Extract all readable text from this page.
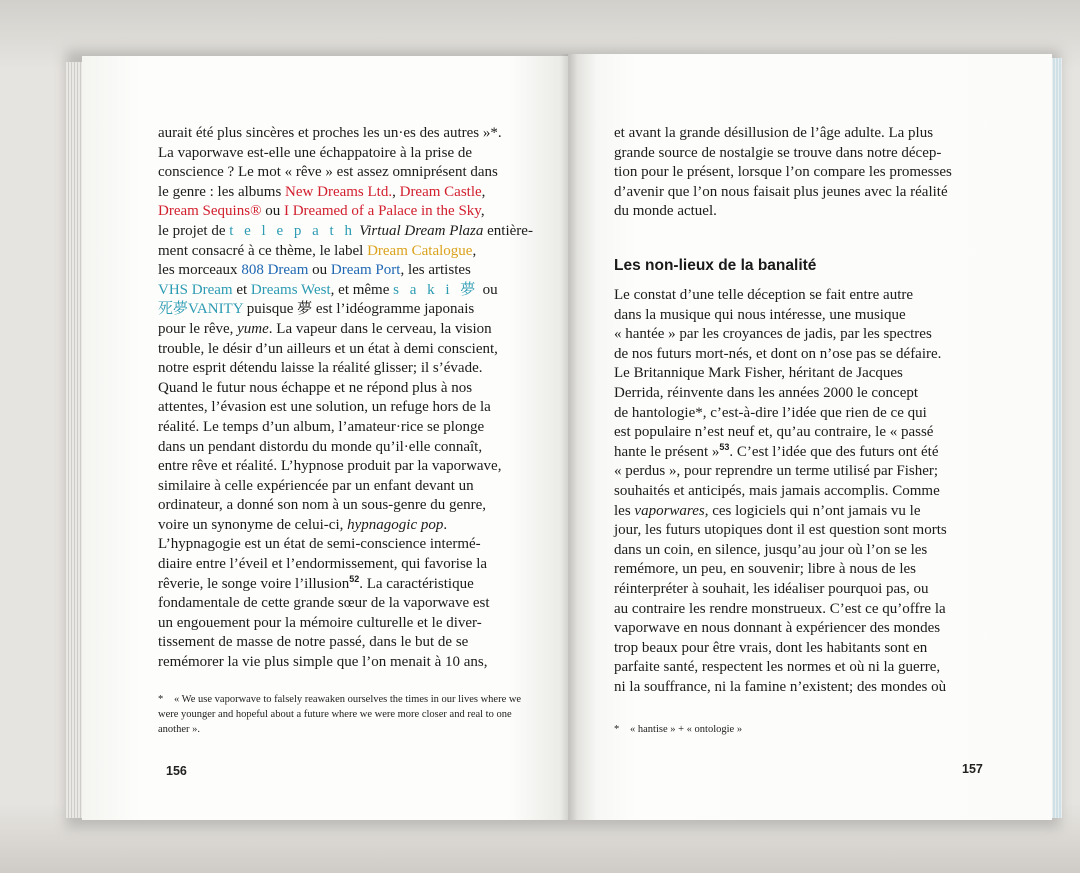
aurait été plus sincères et proches les un·es des autres »*.
La vaporwave est-elle une échappatoire à la prise de
conscience ? Le mot « rêve » est assez omniprésent dans
le genre : les albums New Dreams Ltd., Dream Castle,
Dream Sequins® ou I Dreamed of a Palace in the Sky,
le projet de t e l e p a t h Virtual Dream Plaza entière-
ment consacré à ce thème, le label Dream Catalogue,
les morceaux 808 Dream ou Dream Port, les artistes
VHS Dream et Dreams West, et même s a k i 夢 ou
死夢VANITY puisque 夢 est l’idéogramme japonais
pour le rêve, yume. La vapeur dans le cerveau, la vision
trouble, le désir d’un ailleurs et un état à demi conscient,
notre esprit détendu laisse la réalité glisser; il s’évade.
Quand le futur nous échappe et ne répond plus à nos
attentes, l’évasion est une solution, un refuge hors de la
réalité. Le temps d’un album, l’amateur·rice se plonge
dans un pendant distordu du monde qu’il·elle connaît,
entre rêve et réalité. L’hypnose produit par la vaporwave,
similaire à celle expériencée par un enfant devant un
ordinateur, a donné son nom à un sous-genre du genre,
voire un synonyme de celui-ci, hypnagogic pop.
L’hypnagogie est un état de semi-conscience intermé-
diaire entre l’éveil et l’endormissement, qui favorise la
rêverie, le songe voire l’illusion$^{52}$. La caractéristique
fondamentale de cette grande sœur de la vaporwave est
un engouement pour la mémoire culturelle et le diver-
tissement de masse de notre passé, dans le but de se
remémorer la vie plus simple que l’on menait à 10 ans,
* « We use vaporwave to falsely reawaken ourselves the times in our lives where we were younger and hopeful about a future where we were more closer and real to one another ».
156
et avant la grande désillusion de l’âge adulte. La plus
grande source de nostalgie se trouve dans notre décep-
tion pour le présent, lorsque l’on compare les promesses
d’avenir que l’on nous faisait plus jeunes avec la réalité
du monde actuel.
Les non-lieux de la banalité
Le constat d’une telle déception se fait entre autre
dans la musique qui nous intéresse, une musique
« hantée » par les croyances de jadis, par les spectres
de nos futurs mort-nés, et dont on n’ose pas se défaire.
Le Britannique Mark Fisher, héritant de Jacques
Derrida, réinvente dans les années 2000 le concept
de hantologie*, c’est-à-dire l’idée que rien de ce qui
est populaire n’est neuf et, qu’au contraire, le « passé
hante le présent »$^{53}$. C’est l’idée que des futurs ont été
« perdus », pour reprendre un terme utilisé par Fisher;
souhaités et anticipés, mais jamais accomplis. Comme
les vaporwares, ces logiciels qui n’ont jamais vu le
jour, les futurs utopiques dont il est question sont morts
dans un coin, en silence, jusqu’au jour où l’on se les
remémore, un peu, en souvenir; libre à nous de les
réinterpréter à souhait, les idéaliser pourquoi pas, ou
au contraire les rendre monstrueux. C’est ce qu’offre la
vaporwave en nous donnant à expériencer des mondes
trop beaux pour être vrais, dont les habitants sont en
parfaite santé, respectent les normes et où ni la guerre,
ni la souffrance, ni la famine n’existent; des mondes où
* « hantise » + « ontologie »
157
